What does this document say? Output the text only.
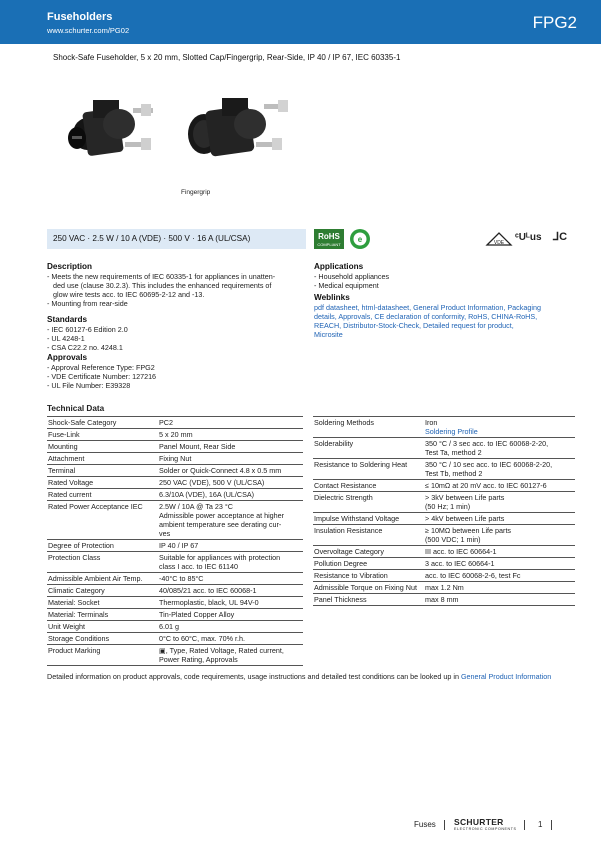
Fuseholders
www.schurter.com/PG02	FPG2
Shock-Safe Fuseholder, 5 x 20 mm, Slotted Cap/Fingergrip, Rear-Side, IP 40 / IP 67, IEC 60335-1
Fingergrip
250 VAC · 2.5 W / 10 A (VDE) · 500 V · 16 A (UL/CSA)	RoHS
COMPLIANT
e	VDE ᶜUᴸus ⅃C
Description
- Meets the new requirements of IEC 60335-1 for appliances in unatten-
ded use (clause 30.2.3). This includes the enhanced requirements of
glow wire tests acc. to IEC 60695-2-12 and -13.
- Mounting from rear-side
Standards
- IEC 60127-6 Edition 2.0
- UL 4248-1
- CSA C22.2 no. 4248.1
Approvals
- Approval Reference Type: FPG2
- VDE Certificate Number: 127216
- UL File Number: E39328
Applications
- Household appliances
- Medical equipment
Weblinks
pdf datasheet, html-datasheet, General Product Information, Packaging
details, Approvals, CE declaration of conformity, RoHS, CHINA-RoHS,
REACH, Distributor-Stock-Check, Detailed request for product,
Microsite
Technical Data
Shock-Safe Category	PC2
Fuse-Link	5 x 20 mm
Mounting	Panel Mount, Rear Side
Attachment	Fixing Nut
Terminal	Solder or Quick-Connect 4.8 x 0.5 mm
Rated Voltage	250 VAC (VDE), 500 V (UL/CSA)
Rated current	6.3/10A (VDE), 16A (UL/CSA)
Rated Power Acceptance IEC	2.5W / 10A @ Ta 23 °C
Admissible power acceptance at higher
ambient temperature see derating cur-
ves
Degree of Protection	IP 40 / IP 67
Protection Class	Suitable for appliances with protection
class I acc. to IEC 61140
Admissible Ambient Air Temp.	-40°C to 85°C
Climatic Category	40/085/21 acc. to IEC 60068-1
Material: Socket	Thermoplastic, black, UL 94V-0
Material: Terminals	Tin-Plated Copper Alloy
Unit Weight	6.01 g
Storage Conditions	0°C to 60°C, max. 70% r.h.
Product Marking	▣, Type, Rated Voltage, Rated current,
Power Rating, Approvals
Soldering Methods	Iron
Soldering Profile
Solderability	350 °C / 3 sec acc. to IEC 60068-2-20,
Test Ta, method 2
Resistance to Soldering Heat	350 °C / 10 sec acc. to IEC 60068-2-20,
Test Tb, method 2
Contact Resistance	≤ 10mΩ at 20 mV acc. to IEC 60127-6
Dielectric Strength	> 3kV between Life parts
(50 Hz; 1 min)
Impulse Withstand Voltage	> 4kV between Life parts
Insulation Resistance	≥ 10MΩ between Life parts
(500 VDC; 1 min)
Overvoltage Category	III acc. to IEC 60664-1
Pollution Degree	3 acc. to IEC 60664-1
Resistance to Vibration	acc. to IEC 60068-2-6, test Fc
Admissible Torque on Fixing Nut	max 1.2 Nm
Panel Thickness	max 8 mm
Detailed information on product approvals, code requirements, usage instructions and detailed test conditions can be looked up in General Product Information
Fuses SCHURTER
ELECTRONIC COMPONENTS	1
